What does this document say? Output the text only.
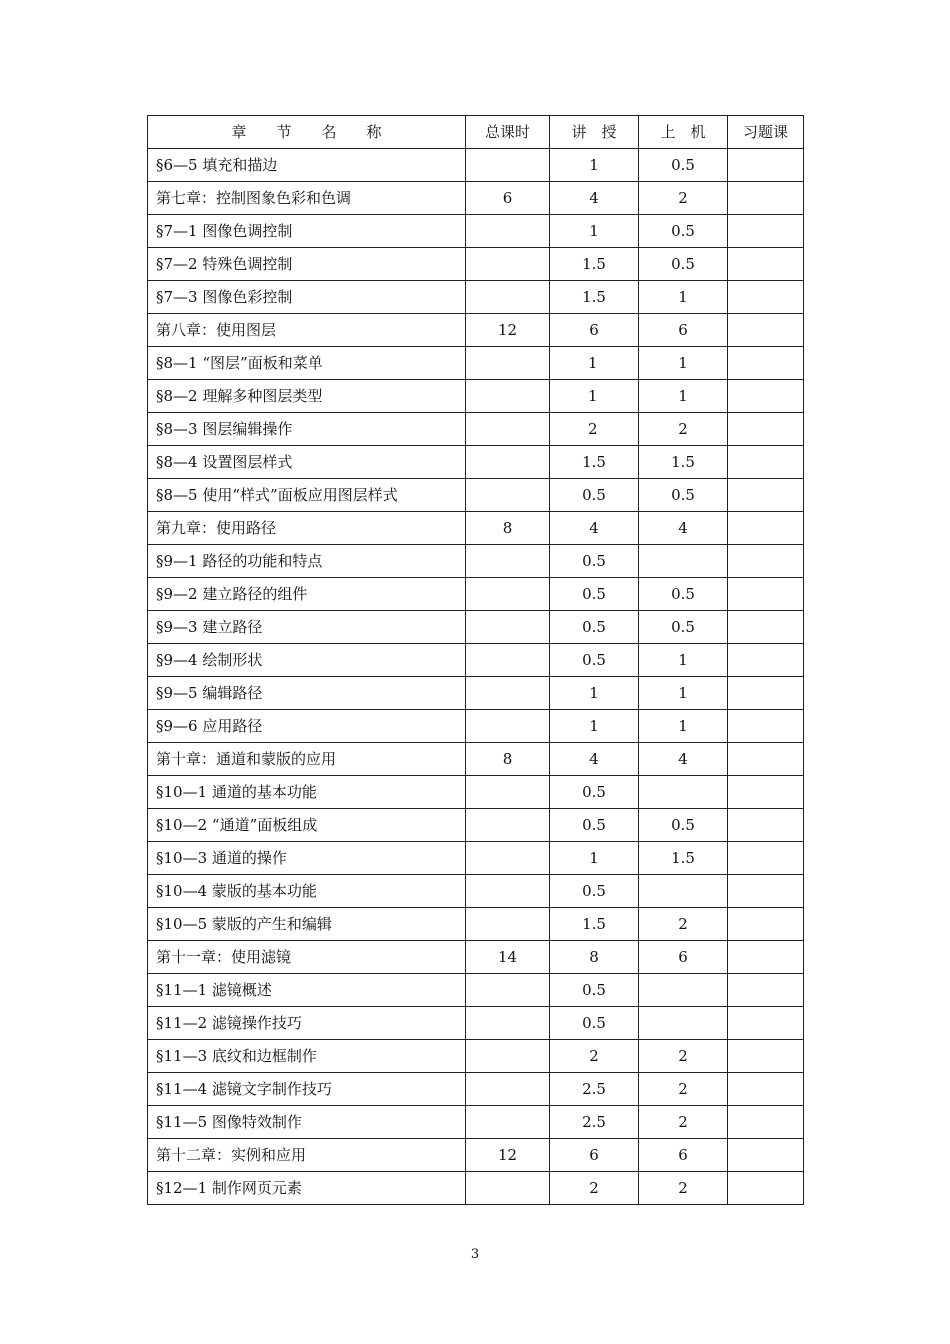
章　　节　　名　　称	总课时	讲　授	上　机	习题课
§6—5 填充和描边		1	0.5	
第七章：控制图象色彩和色调	6	4	2	
§7—1 图像色调控制		1	0.5	
§7—2 特殊色调控制		1.5	0.5	
§7—3 图像色彩控制		1.5	1	
第八章：使用图层	12	6	6	
§8—1 “图层”面板和菜单		1	1	
§8—2 理解多种图层类型		1	1	
§8—3 图层编辑操作		2	2	
§8—4 设置图层样式		1.5	1.5	
§8—5 使用“样式”面板应用图层样式		0.5	0.5	
第九章：使用路径	8	4	4	
§9—1 路径的功能和特点		0.5		
§9—2 建立路径的组件		0.5	0.5	
§9—3 建立路径		0.5	0.5	
§9—4 绘制形状		0.5	1	
§9—5 编辑路径		1	1	
§9—6 应用路径		1	1	
第十章：通道和蒙版的应用	8	4	4	
§10—1 通道的基本功能		0.5		
§10—2 “通道”面板组成		0.5	0.5	
§10—3 通道的操作		1	1.5	
§10—4 蒙版的基本功能		0.5		
§10—5 蒙版的产生和编辑		1.5	2	
第十一章：使用滤镜	14	8	6	
§11—1 滤镜概述		0.5		
§11—2 滤镜操作技巧		0.5		
§11—3 底纹和边框制作		2	2	
§11—4 滤镜文字制作技巧		2.5	2	
§11—5 图像特效制作		2.5	2	
第十二章：实例和应用	12	6	6	
§12—1 制作网页元素		2	2	
3
